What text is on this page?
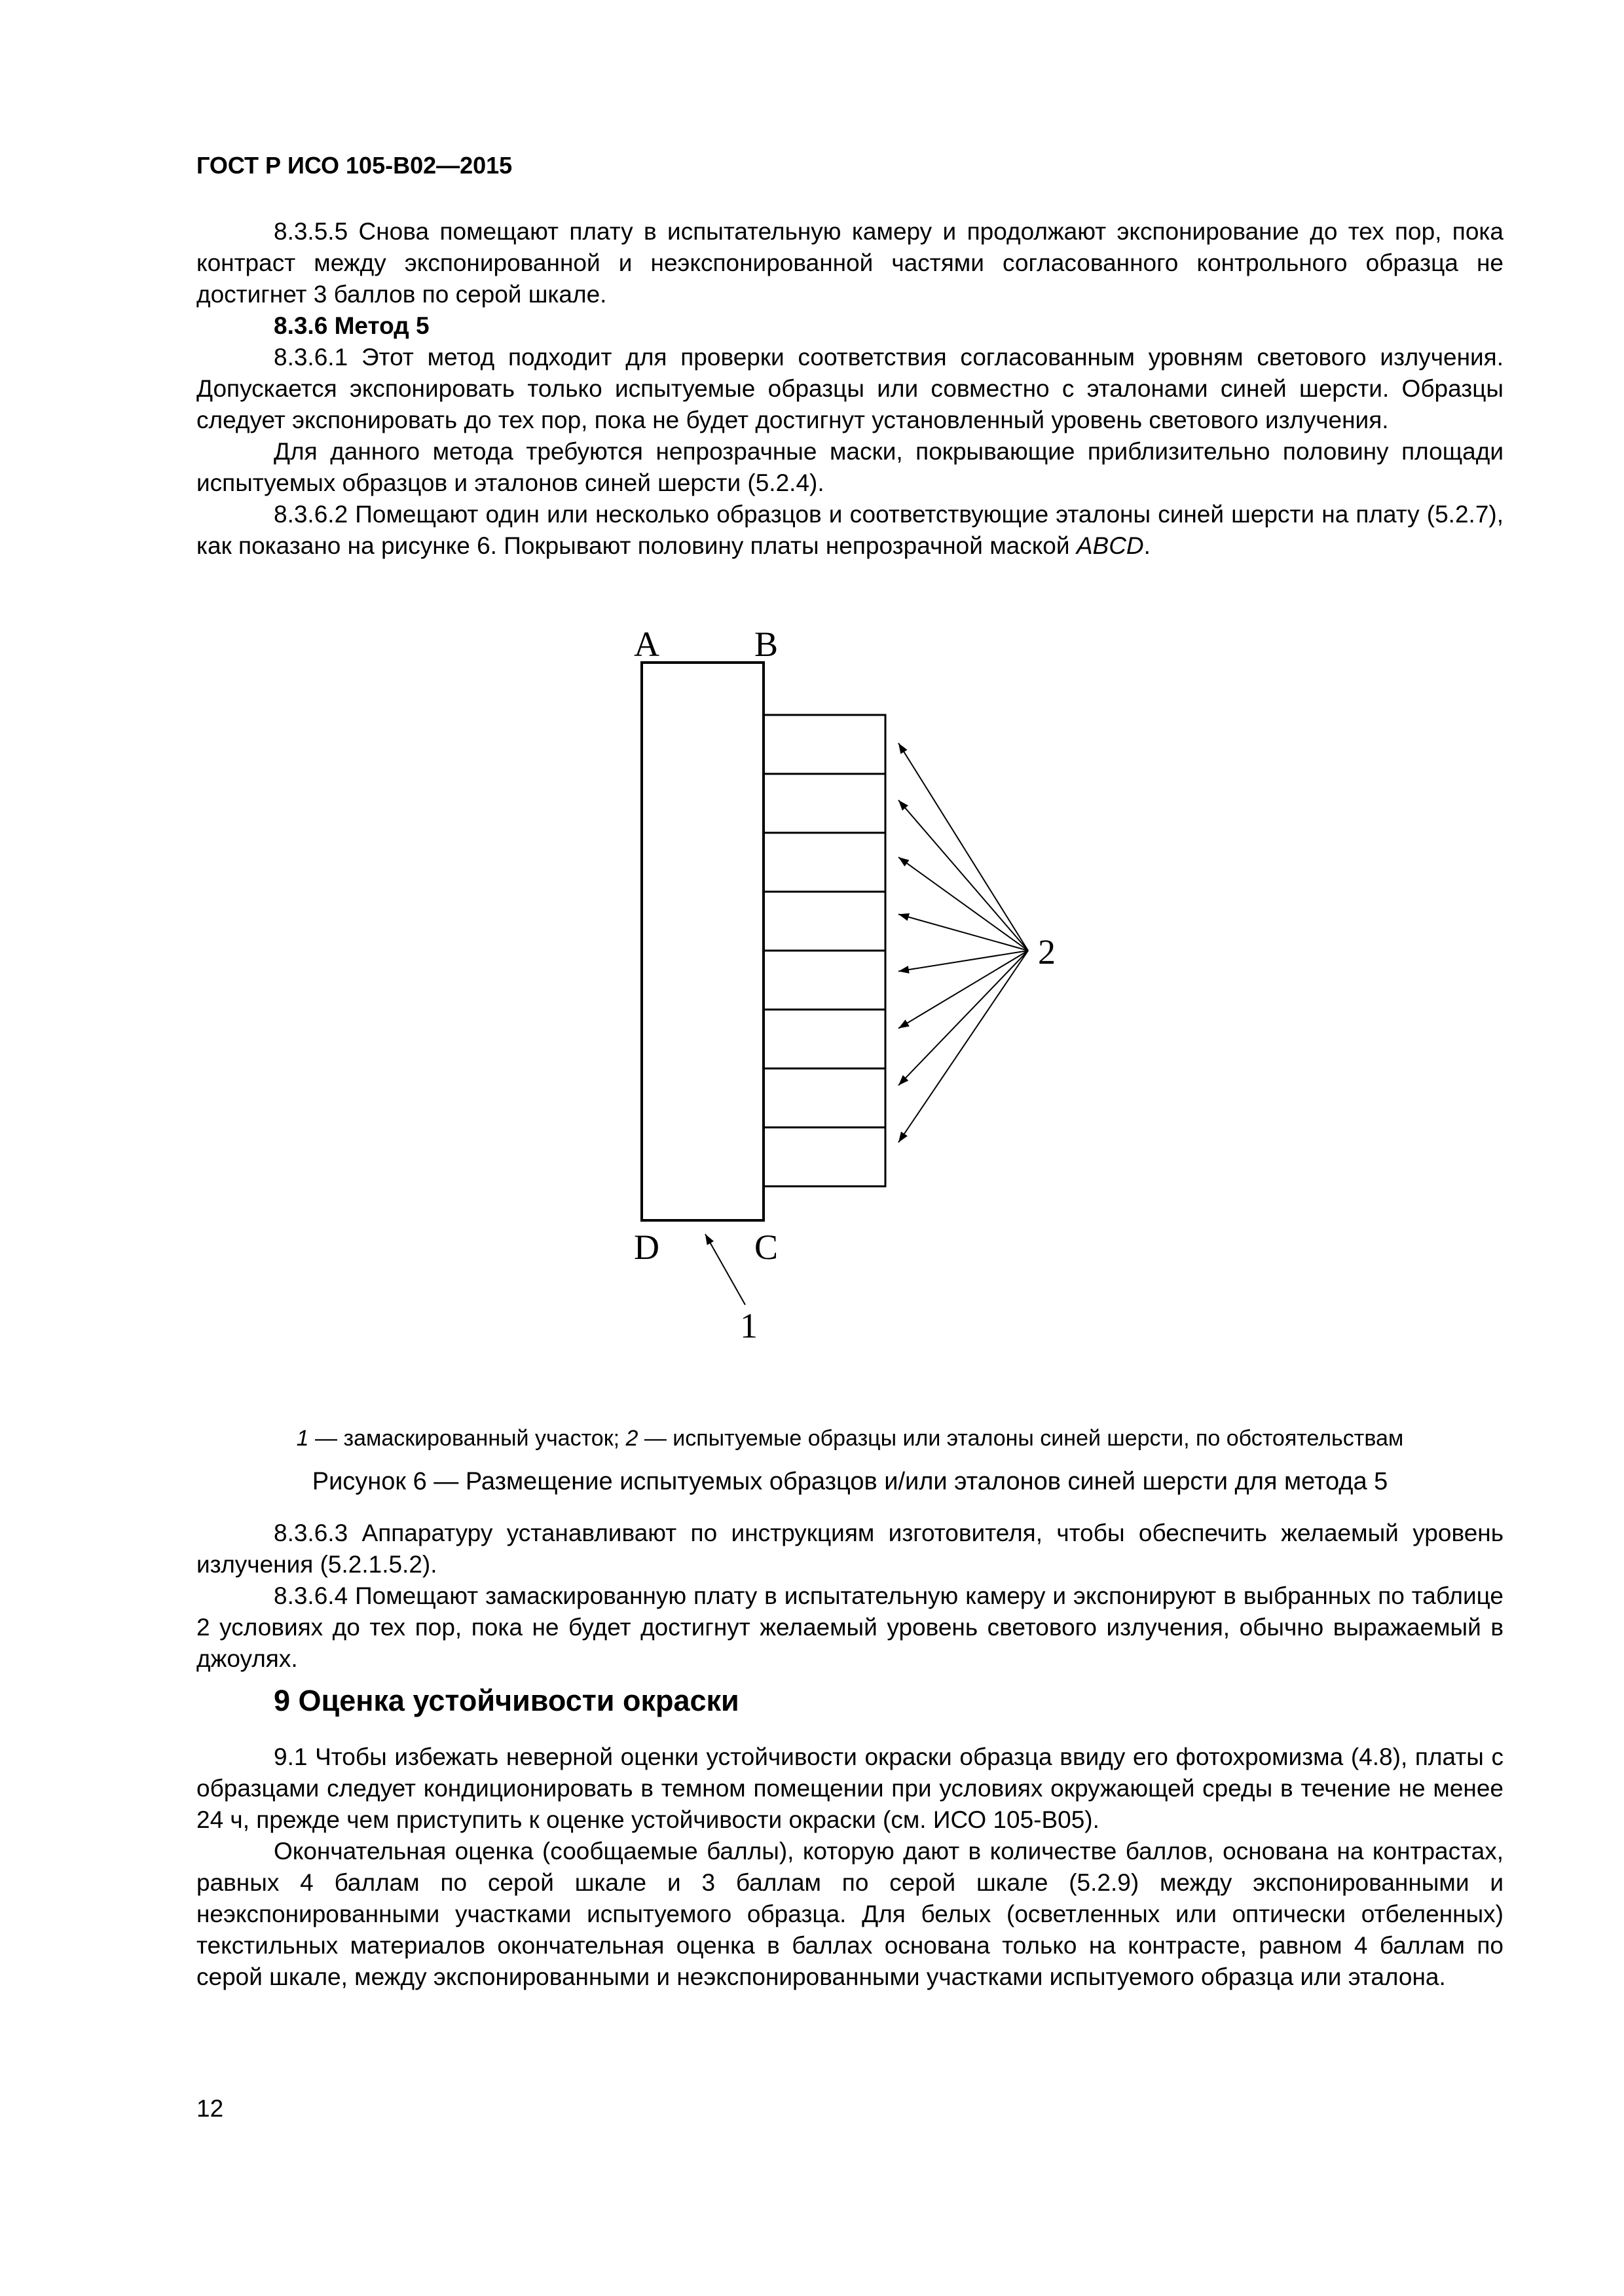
ГОСТ Р ИСО 105-В02—2015

8.3.5.5 Снова помещают плату в испытательную камеру и продолжают экспонирование до тех пор, пока контраст между экспонированной и неэкспонированной частями согласованного контрольного образца не достигнет 3 баллов по серой шкале.

8.3.6 Метод 5

8.3.6.1 Этот метод подходит для проверки соответствия согласованным уровням светового излучения. Допускается экспонировать только испытуемые образцы или совместно с эталонами синей шерсти. Образцы следует экспонировать до тех пор, пока не будет достигнут установленный уровень светового излучения.

Для данного метода требуются непрозрачные маски, покрывающие приблизительно половину площади испытуемых образцов и эталонов синей шерсти (5.2.4).

8.3.6.2 Помещают один или несколько образцов и соответствующие эталоны синей шерсти на плату (5.2.7), как показано на рисунке 6. Покрывают половину платы непрозрачной маской ABCD.

A	B
D	C
1
2
1 — замаскированный участок; 2 — испытуемые образцы или эталоны синей шерсти, по обстоятельствам
Рисунок 6 — Размещение испытуемых образцов и/или эталонов синей шерсти для метода 5

8.3.6.3 Аппаратуру устанавливают по инструкциям изготовителя, чтобы обеспечить желаемый уровень излучения (5.2.1.5.2).

8.3.6.4 Помещают замаскированную плату в испытательную камеру и экспонируют в выбранных по таблице 2 условиях до тех пор, пока не будет достигнут желаемый уровень светового излучения, обычно выражаемый в джоулях.

9 Оценка устойчивости окраски

9.1 Чтобы избежать неверной оценки устойчивости окраски образца ввиду его фотохромизма (4.8), платы с образцами следует кондиционировать в темном помещении при условиях окружающей среды в течение не менее 24 ч, прежде чем приступить к оценке устойчивости окраски (см. ИСО 105-В05).

Окончательная оценка (сообщаемые баллы), которую дают в количестве баллов, основана на контрастах, равных 4 баллам по серой шкале и 3 баллам по серой шкале (5.2.9) между экспонированными и неэкспонированными участками испытуемого образца. Для белых (осветленных или оптически отбеленных) текстильных материалов окончательная оценка в баллах основана только на контрасте, равном 4 баллам по серой шкале, между экспонированными и неэкспонированными участками испытуемого образца или эталона.

12
